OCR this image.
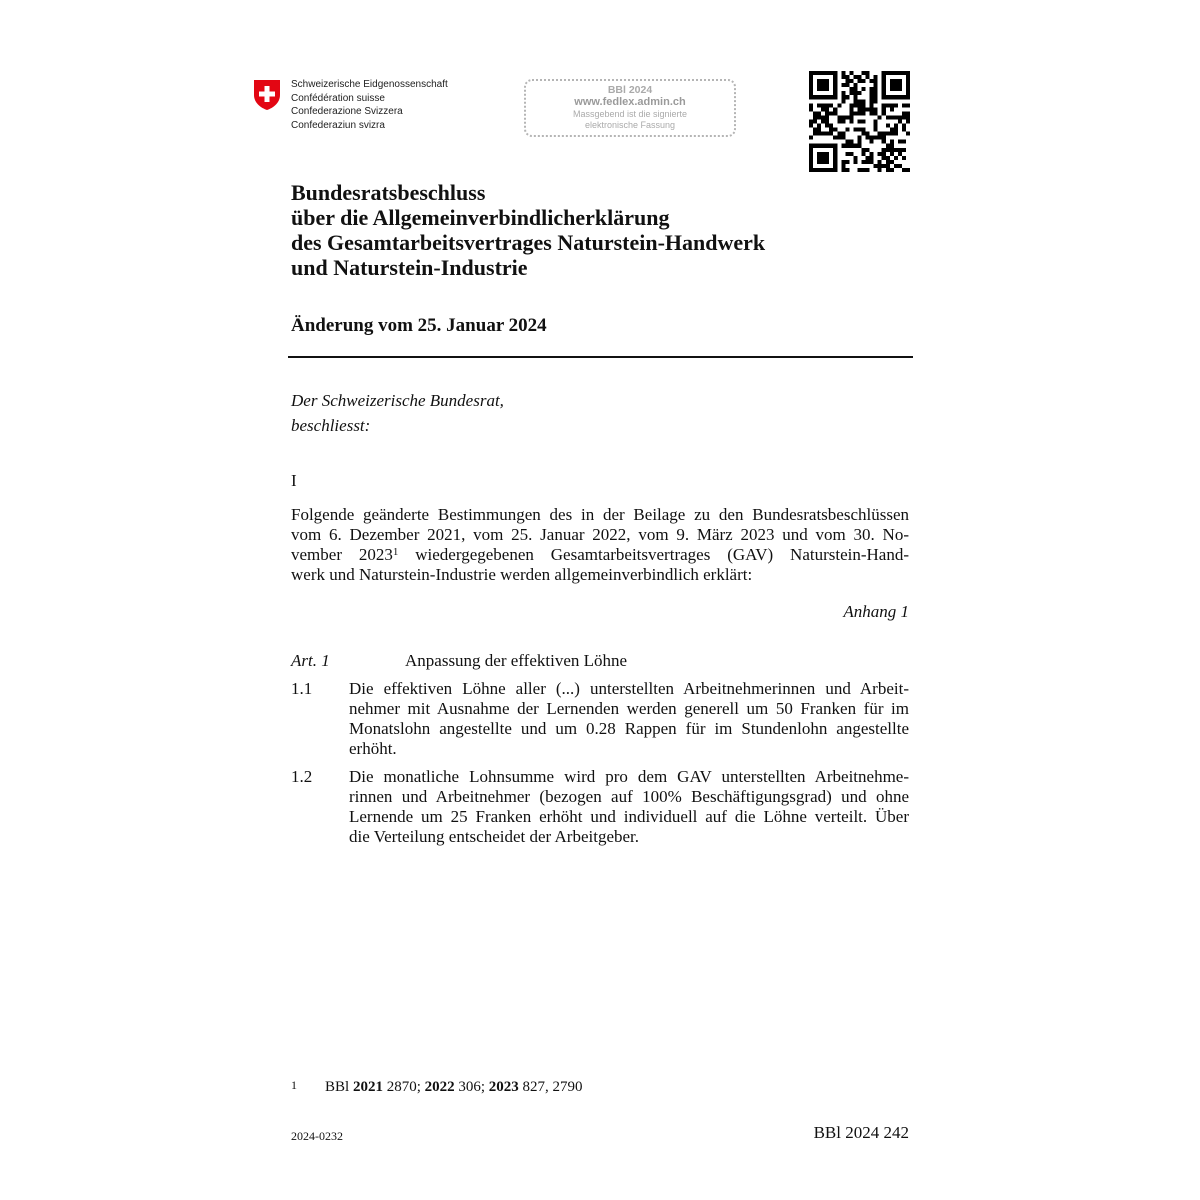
Schweizerische Eidgenossenschaft
Confédération suisse
Confederazione Svizzera
Confederaziun svizra
BBl 2024
www.fedlex.admin.ch
Massgebend ist die signierte
elektronische Fassung
Bundesratsbeschluss
über die Allgemeinverbindlicherklärung
des Gesamtarbeitsvertrages Naturstein-Handwerk
und Naturstein-Industrie
Änderung vom 25. Januar 2024
Der Schweizerische Bundesrat,
beschliesst:
I
Folgende geänderte Bestimmungen des in der Beilage zu den Bundesratsbeschlüssen
vom 6. Dezember 2021, vom 25. Januar 2022, vom 9. März 2023 und vom 30. No-
vember 2023$^1$ wiedergegebenen Gesamtarbeitsvertrages (GAV) Naturstein-Hand-
werk und Naturstein-Industrie werden allgemeinverbindlich erklärt:
Anhang 1
Art. 1	Anpassung der effektiven Löhne
1.1 Die effektiven Löhne aller (...) unterstellten Arbeitnehmerinnen und Arbeit-
nehmer mit Ausnahme der Lernenden werden generell um 50 Franken für im
Monatslohn angestellte und um 0.28 Rappen für im Stundenlohn angestellte
erhöht.
1.2 Die monatliche Lohnsumme wird pro dem GAV unterstellten Arbeitnehme-
rinnen und Arbeitnehmer (bezogen auf 100% Beschäftigungsgrad) und ohne
Lernende um 25 Franken erhöht und individuell auf die Löhne verteilt. Über
die Verteilung entscheidet der Arbeitgeber.
1 BBl 2021 2870; 2022 306; 2023 827, 2790
2024-0232	BBl 2024 242
